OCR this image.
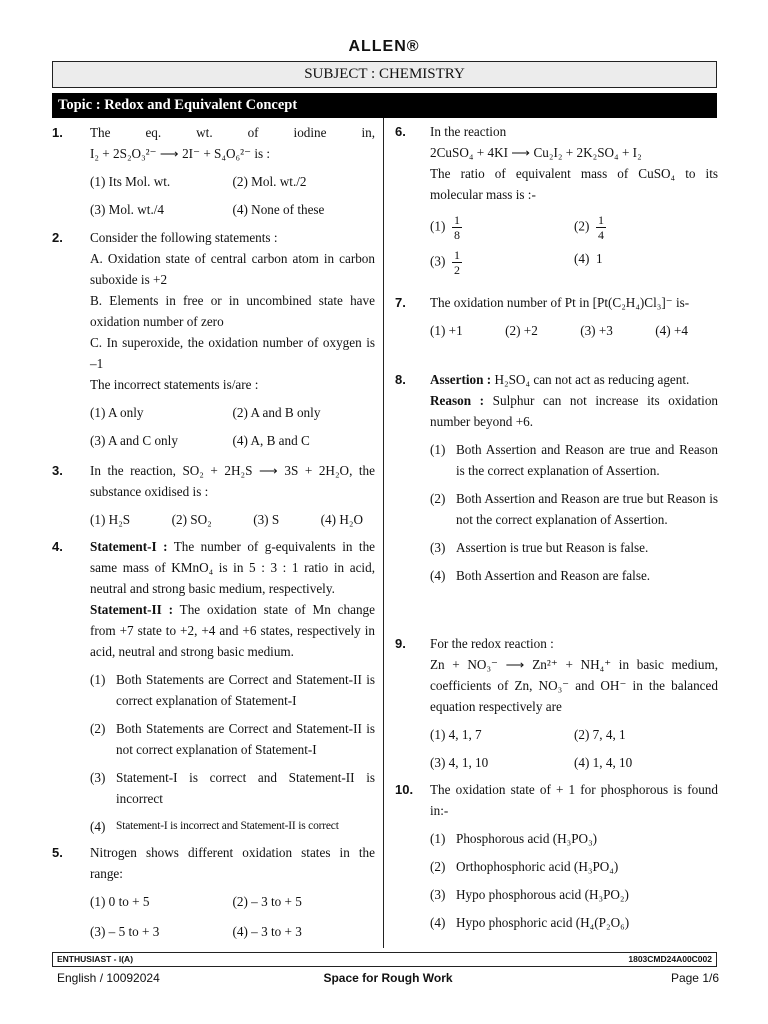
ALLEN®
SUBJECT : CHEMISTRY
Topic : Redox and Equivalent Concept
1. The eq. wt. of iodine in,
I₂ + 2S₂O₃²⁻ ⟶ 2I⁻ + S₄O₆²⁻ is :
(1) Its Mol. wt.	(2) Mol. wt./2
(3) Mol. wt./4	(4) None of these
2. Consider the following statements :
A. Oxidation state of central carbon atom in carbon suboxide is +2
B. Elements in free or in uncombined state have oxidation number of zero
C. In superoxide, the oxidation number of oxygen is –1
The incorrect statements is/are :
(1) A only	(2) A and B only
(3) A and C only	(4) A, B and C
3. In the reaction, SO₂ + 2H₂S ⟶ 3S + 2H₂O, the substance oxidised is :
(1) H₂S	(2) SO₂	(3) S	(4) H₂O
4. Statement-I : The number of g-equivalents in the same mass of KMnO₄ is in 5 : 3 : 1 ratio in acid, neutral and strong basic medium, respectively.
Statement-II : The oxidation state of Mn change from +7 state to +2, +4 and +6 states, respectively in acid, neutral and strong basic medium.
(1) Both Statements are Correct and Statement-II is correct explanation of Statement-I
(2) Both Statements are Correct and Statement-II is not correct explanation of Statement-I
(3) Statement-I is correct and Statement-II is incorrect
(4) Statement-I is incorrect and Statement-II is correct
5. Nitrogen shows different oxidation states in the range:
(1) 0 to + 5	(2) – 3 to + 5
(3) – 5 to + 3	(4) – 3 to + 3
6. In the reaction
2CuSO₄ + 4KI ⟶ Cu₂I₂ + 2K₂SO₄ + I₂
The ratio of equivalent mass of CuSO₄ to its molecular mass is :-
$(1) \frac{1}{8}$	$(2) \frac{1}{4}$
$(3) \frac{1}{2}$	(4) 1
7. The oxidation number of Pt in [Pt(C₂H₄)Cl₃]⁻ is-
(1) +1	(2) +2	(3) +3	(4) +4
8. Assertion : H₂SO₄ can not act as reducing agent.
Reason : Sulphur can not increase its oxidation number beyond +6.
(1) Both Assertion and Reason are true and Reason is the correct explanation of Assertion.
(2) Both Assertion and Reason are true but Reason is not the correct explanation of Assertion.
(3) Assertion is true but Reason is false.
(4) Both Assertion and Reason are false.
9. For the redox reaction :
Zn + NO₃⁻ ⟶ Zn²⁺ + NH₄⁺ in basic medium, coefficients of Zn, NO₃⁻ and OH⁻ in the balanced equation respectively are
(1) 4, 1, 7	(2) 7, 4, 1
(3) 4, 1, 10	(4) 1, 4, 10
10. The oxidation state of + 1 for phosphorous is found in:-
(1) Phosphorous acid (H₃PO₃)
(2) Orthophosphoric acid (H₃PO₄)
(3) Hypo phosphorous acid (H₃PO₂)
(4) Hypo phosphoric acid (H₄(P₂O₆)
ENTHUSIAST - I(A)	1803CMD24A00C002
English / 10092024	Space for Rough Work	Page 1/6
